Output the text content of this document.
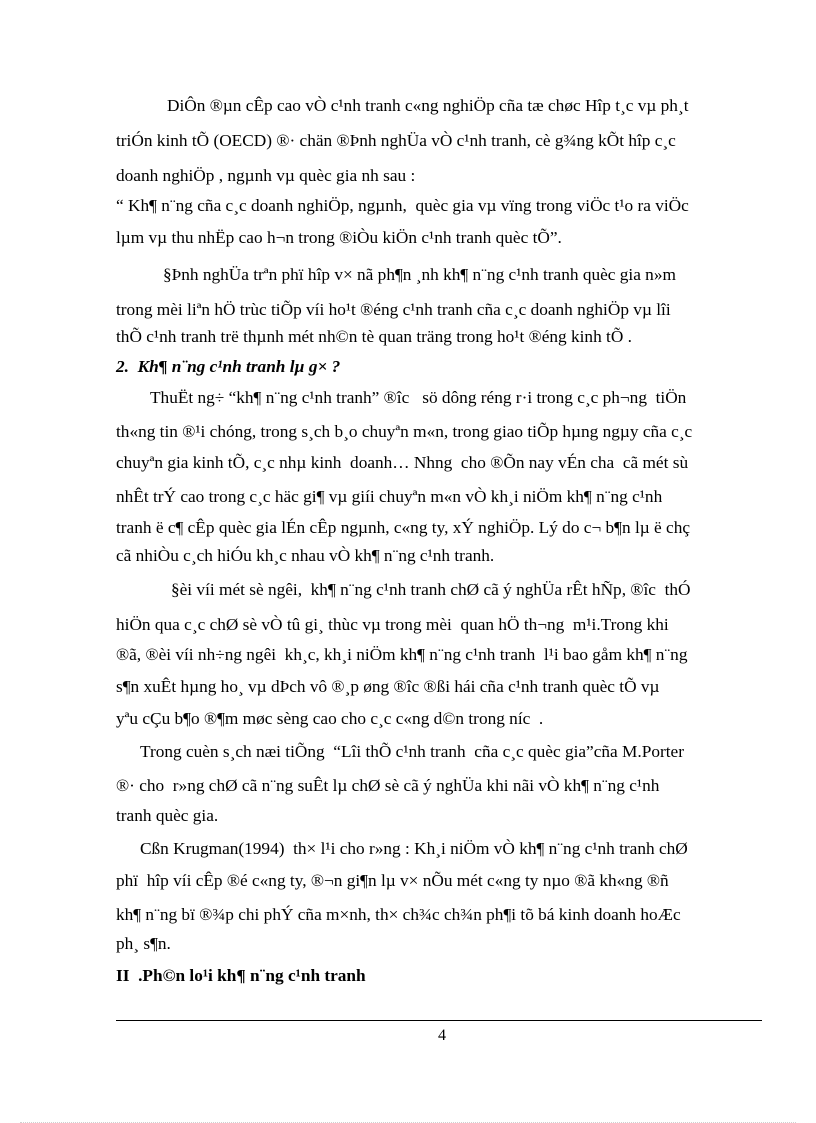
DiÔn ®µn cÊp cao vÒ c¹nh tranh c«ng nghiÖp cña tæ chøc Hîp t¸c vµ ph¸t
triÓn kinh tÕ (OECD) ®· chän ®Þnh nghÜa vÒ c¹nh tranh, cè g¾ng kÕt hîp c¸c
doanh nghiÖp , ngµnh vµ quèc gia nh sau :
“ Kh¶ n¨ng cña c¸c doanh nghiÖp, ngµnh,  quèc gia vµ vïng trong viÖc t¹o ra viÖc
lµm vµ thu nhËp cao h¬n trong ®iÒu kiÖn c¹nh tranh quèc tÕ”.
§Þnh nghÜa trªn phï hîp v× nã ph¶n ¸nh kh¶ n¨ng c¹nh tranh quèc gia n»m
trong mèi liªn hÖ trùc tiÕp víi ho¹t ®éng c¹nh tranh cña c¸c doanh nghiÖp vµ lîi
thÕ c¹nh tranh trë thµnh mét nh©n tè quan träng trong ho¹t ®éng kinh tÕ .
2.  Kh¶ n¨ng c¹nh tranh lµ g× ?
ThuËt ng÷ “kh¶ n¨ng c¹nh tranh” ®îc   sö dông réng r·i trong c¸c ph¬ng  tiÖn
th«ng tin ®¹i chóng, trong s¸ch b¸o chuyªn m«n, trong giao tiÕp hµng ngµy cña c¸c
chuyªn gia kinh tÕ, c¸c nhµ kinh  doanh… Nhng  cho ®Õn nay vÉn cha  cã mét sù
nhÊt trÝ cao trong c¸c häc gi¶ vµ giíi chuyªn m«n vÒ kh¸i niÖm kh¶ n¨ng c¹nh
tranh ë c¶ cÊp quèc gia lÉn cÊp ngµnh, c«ng ty, xÝ nghiÖp. Lý do c¬ b¶n lµ ë chç
cã nhiÒu c¸ch hiÓu kh¸c nhau vÒ kh¶ n¨ng c¹nh tranh.
§èi víi mét sè ngêi,  kh¶ n¨ng c¹nh tranh chØ cã ý nghÜa rÊt hÑp, ®îc  thÓ
hiÖn qua c¸c chØ sè vÒ tû gi¸ thùc vµ trong mèi  quan hÖ th¬ng  m¹i.Trong khi
®ã, ®èi víi nh÷ng ngêi  kh¸c, kh¸i niÖm kh¶ n¨ng c¹nh tranh  l¹i bao gåm kh¶ n¨ng
s¶n xuÊt hµng ho¸ vµ dÞch vô ®¸p øng ®îc ®ßi hái cña c¹nh tranh quèc tÕ vµ
yªu cÇu b¶o ®¶m møc sèng cao cho c¸c c«ng d©n trong níc  .
Trong cuèn s¸ch næi tiÕng  “Lîi thÕ c¹nh tranh  cña c¸c quèc gia”cña M.Porter
®· cho  r»ng chØ cã n¨ng suÊt lµ chØ sè cã ý nghÜa khi nãi vÒ kh¶ n¨ng c¹nh
tranh quèc gia.
Cßn Krugman(1994)  th× l¹i cho r»ng : Kh¸i niÖm vÒ kh¶ n¨ng c¹nh tranh chØ
phï  hîp víi cÊp ®é c«ng ty, ®¬n gi¶n lµ v× nÕu mét c«ng ty nµo ®ã kh«ng ®ñ
kh¶ n¨ng bï ®¾p chi phÝ cña m×nh, th× ch¾c ch¾n ph¶i tõ bá kinh doanh hoÆc
ph¸ s¶n.
II  .Ph©n lo¹i kh¶ n¨ng c¹nh tranh
4
